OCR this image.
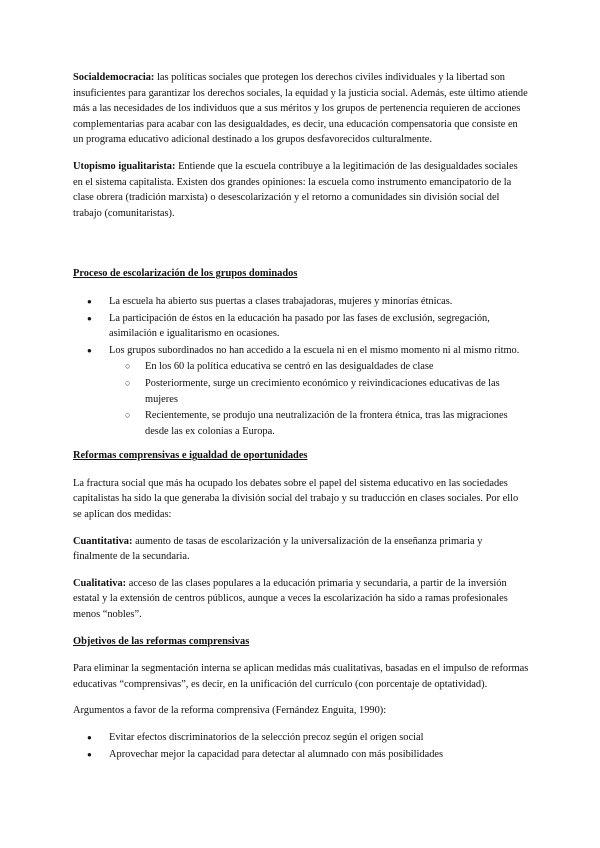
Socialdemocracia: las políticas sociales que protegen los derechos civiles individuales y la libertad son insuficientes para garantizar los derechos sociales, la equidad y la justicia social. Además, este último atiende más a las necesidades de los individuos que a sus méritos y los grupos de pertenencia requieren de acciones complementarias para acabar con las desigualdades, es decir, una educación compensatoria que consiste en un programa educativo adicional destinado a los grupos desfavorecidos culturalmente.

Utopismo igualitarista: Entiende que la escuela contribuye a la legitimación de las desigualdades sociales en el sistema capitalista. Existen dos grandes opiniones: la escuela como instrumento emancipatorio de la clase obrera (tradición marxista) o desescolarización y el retorno a comunidades sin división social del trabajo (comunitaristas).

Proceso de escolarización de los grupos dominados

● La escuela ha abierto sus puertas a clases trabajadoras, mujeres y minorías étnicas.
● La participación de éstos en la educación ha pasado por las fases de exclusión, segregación, asimilación e igualitarismo en ocasiones.
● Los grupos subordinados no han accedido a la escuela ni en el mismo momento ni al mismo ritmo.
○ En los 60 la política educativa se centró en las desigualdades de clase
○ Posteriormente, surge un crecimiento económico y reivindicaciones educativas de las mujeres
○ Recientemente, se produjo una neutralización de la frontera étnica, tras las migraciones desde las ex colonias a Europa.

Reformas comprensivas e igualdad de oportunidades

La fractura social que más ha ocupado los debates sobre el papel del sistema educativo en las sociedades capitalistas ha sido la que generaba la división social del trabajo y su traducción en clases sociales. Por ello se aplican dos medidas:

Cuantitativa: aumento de tasas de escolarización y la universalización de la enseñanza primaria y finalmente de la secundaria.

Cualitativa: acceso de las clases populares a la educación primaria y secundaria, a partir de la inversión estatal y la extensión de centros públicos, aunque a veces la escolarización ha sido a ramas profesionales menos “nobles”.

Objetivos de las reformas comprensivas

Para eliminar la segmentación interna se aplican medidas más cualitativas, basadas en el impulso de reformas educativas “comprensivas”, es decir, en la unificación del currículo (con porcentaje de optatividad).

Argumentos a favor de la reforma comprensiva (Fernández Enguita, 1990):

● Evitar efectos discriminatorios de la selección precoz según el origen social
● Aprovechar mejor la capacidad para detectar al alumnado con más posibilidades
